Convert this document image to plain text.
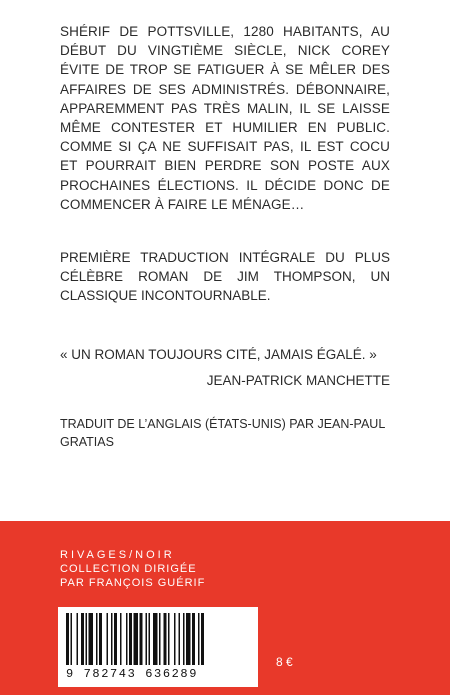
SHÉRIF DE POTTSVILLE, 1280 HABITANTS, AU DÉBUT DU VINGTIÈME SIÈCLE, NICK COREY ÉVITE DE TROP SE FATIGUER À SE MÊLER DES AFFAIRES DE SES ADMINISTRÉS. DÉBONNAIRE, APPAREMMENT PAS TRÈS MALIN, IL SE LAISSE MÊME CONTESTER ET HUMILIER EN PUBLIC. COMME SI ÇA NE SUFFISAIT PAS, IL EST COCU ET POURRAIT BIEN PERDRE SON POSTE AUX PROCHAINES ÉLECTIONS. IL DÉCIDE DONC DE COMMENCER À FAIRE LE MÉNAGE…

PREMIÈRE TRADUCTION INTÉGRALE DU PLUS CÉLÈBRE ROMAN DE JIM THOMPSON, UN CLASSIQUE INCONTOURNABLE.
« UN ROMAN TOUJOURS CITÉ, JAMAIS ÉGALÉ. »
JEAN-PATRICK MANCHETTE
TRADUIT DE L’ANGLAIS (ÉTATS-UNIS) PAR JEAN-PAUL GRATIAS
RIVAGES/NOIR
COLLECTION DIRIGÉE
PAR FRANÇOIS GUÉRIF
9 782743 636289
8 €
